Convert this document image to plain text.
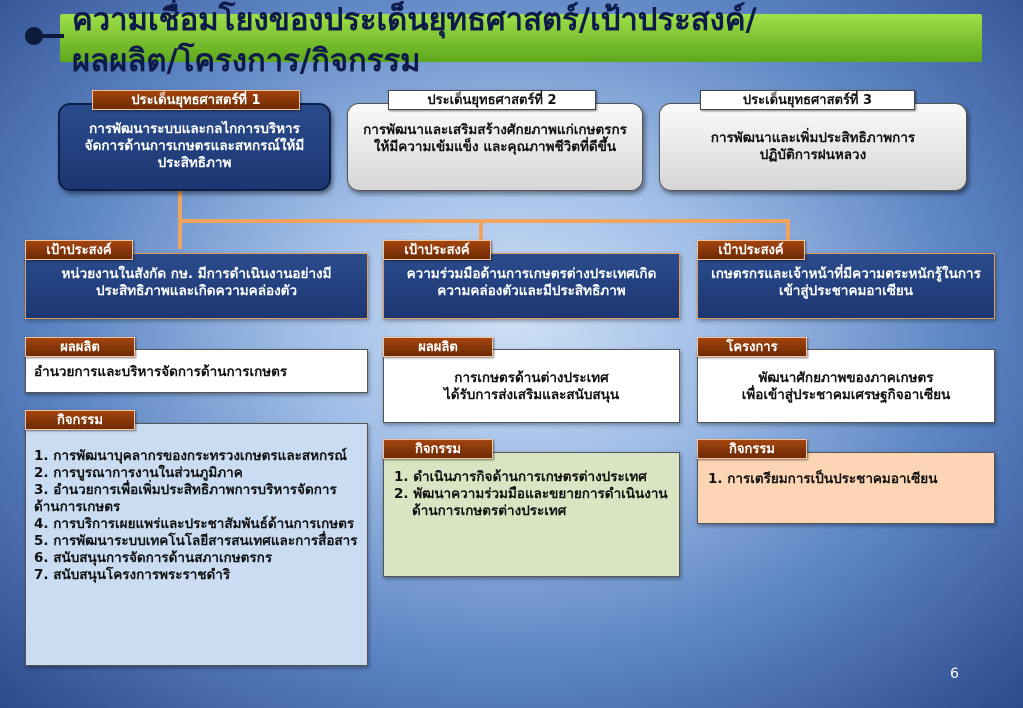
ความเชื่อมโยงของประเด็นยุทธศาสตร์/เป้าประสงค์/
ผลผลิต/โครงการ/กิจกรรม
การพัฒนาระบบและกลไกการบริหารจัดการด้านการเกษตรและสหกรณ์ให้มีประสิทธิภาพ
ประเด็นยุทธศาสตร์ที่ 1
การพัฒนาและเสริมสร้างศักยภาพแก่เกษตรกรให้มีความเข้มแข็ง และคุณภาพชีวิตที่ดีขึ้น
ประเด็นยุทธศาสตร์ที่ 2
การพัฒนาและเพิ่มประสิทธิภาพการปฏิบัติการฝนหลวง
ประเด็นยุทธศาสตร์ที่ 3
หน่วยงานในสังกัด กษ. มีการดำเนินงานอย่างมีประสิทธิภาพและเกิดความคล่องตัว
เป้าประสงค์
ความร่วมมือด้านการเกษตรต่างประเทศเกิดความคล่องตัวและมีประสิทธิภาพ
เป้าประสงค์
เกษตรกรและเจ้าหน้าที่มีความตระหนักรู้ในการเข้าสู่ประชาคมอาเซียน
เป้าประสงค์
อำนวยการและบริหารจัดการด้านการเกษตร
ผลผลิต
การเกษตรด้านต่างประเทศ
ได้รับการส่งเสริมและสนับสนุน
ผลผลิต
พัฒนาศักยภาพของภาคเกษตร
เพื่อเข้าสู่ประชาคมเศรษฐกิจอาเซียน
โครงการ
1. การพัฒนาบุคลากรของกระทรวงเกษตรและสหกรณ์
2. การบูรณาการงานในส่วนภูมิภาค
3. อำนวยการเพื่อเพิ่มประสิทธิภาพการบริหารจัดการด้านการเกษตร
4. การบริการเผยแพร่และประชาสัมพันธ์ด้านการเกษตร
5. การพัฒนาระบบเทคโนโลยีสารสนเทศและการสื่อสาร
6. สนับสนุนการจัดการด้านสภาเกษตรกร
7. สนับสนุนโครงการพระราชดำริ
กิจกรรม
1. ดำเนินภารกิจด้านการเกษตรต่างประเทศ
2. พัฒนาความร่วมมือและขยายการดำเนินงานด้านการเกษตรต่างประเทศ
กิจกรรม
1. การเตรียมการเป็นประชาคมอาเซียน
กิจกรรม
6
